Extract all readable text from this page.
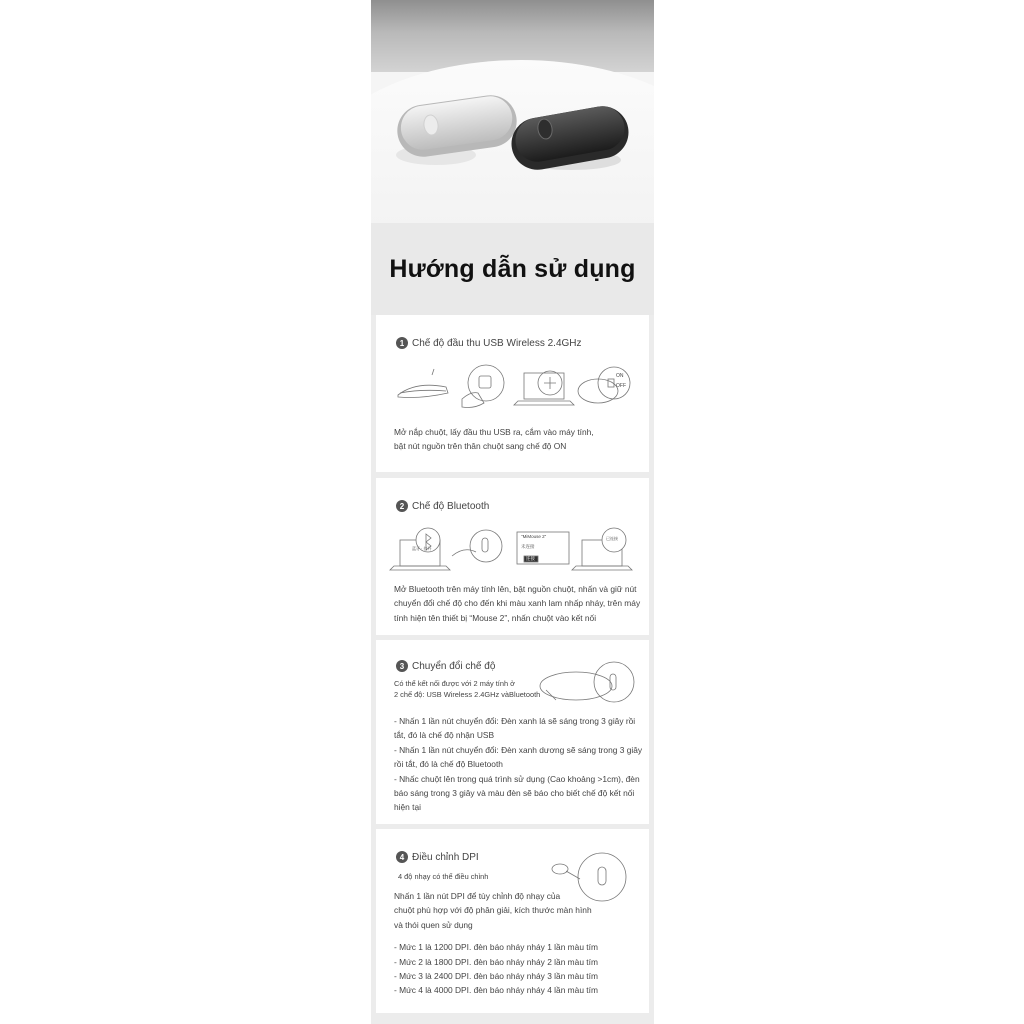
Hướng dẫn sử dụng
1 Chế độ đầu thu USB Wireless 2.4GHz
ON
OFF

Mở nắp chuột, lấy đầu thu USB ra, cắm vào máy tính,

bật nút nguồn trên thân chuột sang chế độ ON

2 Chế độ Bluetooth
"MiMouse 2"
未连接
连接
蓝牙 · 打开
已连接

Mở Bluetooth trên máy tính lên, bật nguồn chuột, nhấn và giữ nút

chuyển đổi chế độ cho đến khi màu xanh lam nhấp nháy, trên máy

tính hiện tên thiết bị “Mouse 2”, nhấn chuột vào kết nối

3 Chuyển đổi chế độ

Có thể kết nối được với 2 máy tính ở

2 chế độ: USB Wireless 2.4GHz vàBluetooth

- Nhấn 1 lần nút chuyển đổi: Đèn xanh lá sẽ sáng trong 3 giây rồi

tắt, đó là chế độ nhận USB

- Nhấn 1 lần nút chuyển đổi: Đèn xanh dương sẽ sáng trong 3 giây

rồi tắt, đó là chế độ Bluetooth

- Nhấc chuột lên trong quá trình sử dụng (Cao khoảng >1cm), đèn

báo sáng trong 3 giây và màu đèn sẽ báo cho biết chế độ kết nối

hiện tại

4 Điều chỉnh DPI
4 độ nhạy có thể điều chỉnh

Nhấn 1 lần nút DPI để tùy chỉnh độ nhạy của

chuột phù hợp với độ phân giải, kích thước màn hình

và thói quen sử dụng

- Mức 1 là 1200 DPI. đèn báo nháy nháy 1 lần màu tím

- Mức 2 là 1800 DPI. đèn báo nháy nháy 2 lần màu tím

- Mức 3 là 2400 DPI. đèn báo nháy nháy 3 lần màu tím

- Mức 4 là 4000 DPI. đèn báo nháy nháy 4 lần màu tím
